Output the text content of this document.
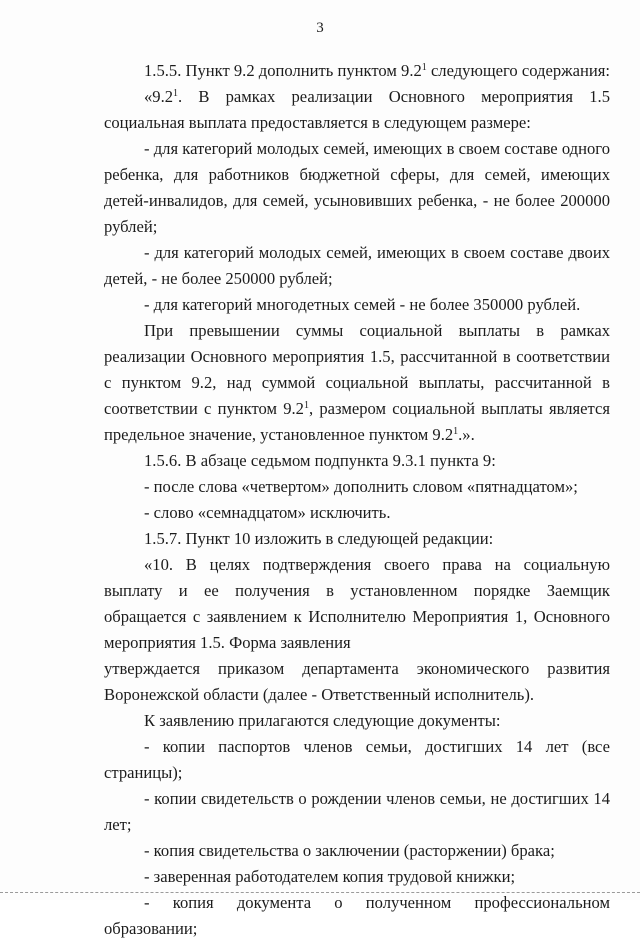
3

1.5.5. Пункт 9.2 дополнить пунктом $9.2^1$ следующего содержания:

«$9.2^1$. В рамках реализации Основного мероприятия 1.5 социальная выплата предоставляется в следующем размере:

- для категорий молодых семей, имеющих в своем составе одного ребенка, для работников бюджетной сферы, для семей, имеющих детей-инвалидов, для семей, усыновивших ребенка, - не более 200000 рублей;

- для категорий молодых семей, имеющих в своем составе двоих детей, - не более 250000 рублей;

- для категорий многодетных семей - не более 350000 рублей.

При превышении суммы социальной выплаты в рамках реализации Основного мероприятия 1.5, рассчитанной в соответствии с пунктом 9.2, над суммой социальной выплаты, рассчитанной в соответствии с пунктом $9.2^1$, размером социальной выплаты является предельное значение, установленное пунктом $9.2^1$.».

1.5.6. В абзаце седьмом подпункта 9.3.1 пункта 9:

- после слова «четвертом» дополнить словом «пятнадцатом»;

- слово «семнадцатом» исключить.

1.5.7. Пункт 10 изложить в следующей редакции:

«10. В целях подтверждения своего права на социальную выплату и ее получения в установленном порядке Заемщик обращается с заявлением к Исполнителю Мероприятия 1, Основного мероприятия 1.5. Форма заявления

утверждается приказом департамента экономического развития

Воронежской области (далее - Ответственный исполнитель).

К заявлению прилагаются следующие документы:

- копии паспортов членов семьи, достигших 14 лет (все страницы);

- копии свидетельств о рождении членов семьи, не достигших 14 лет;

- копия свидетельства о заключении (расторжении) брака;

- заверенная работодателем копия трудовой книжки;

- копия документа о полученном профессиональном образовании;
